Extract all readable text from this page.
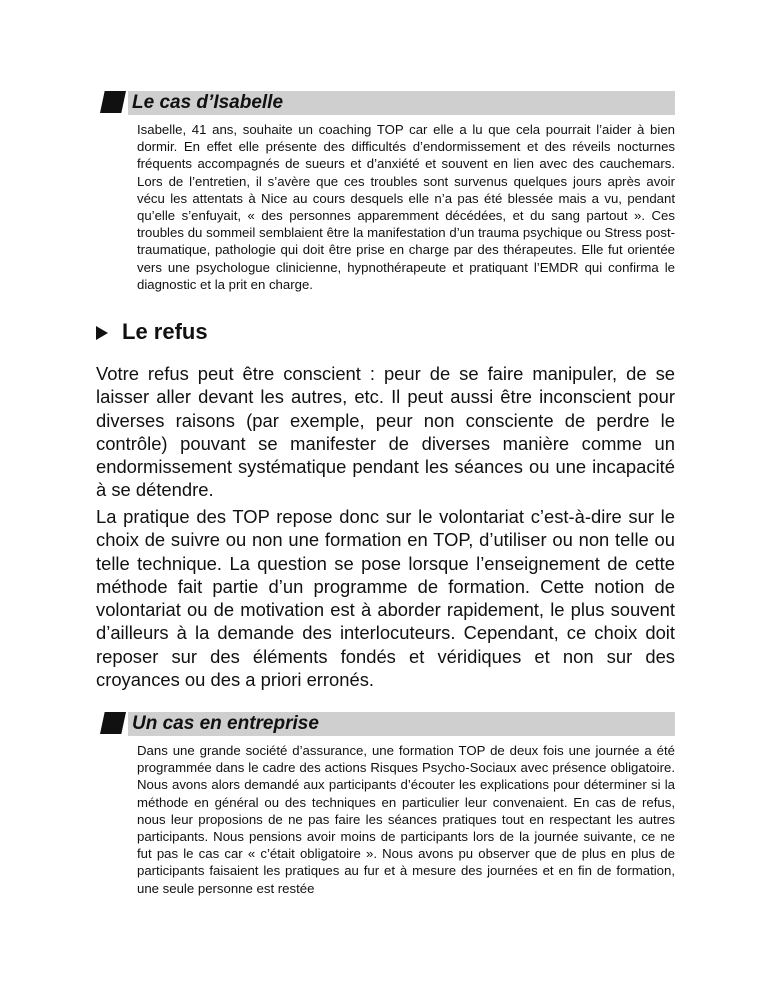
Le cas d’Isabelle
Isabelle, 41 ans, souhaite un coaching TOP car elle a lu que cela pourrait l’aider à bien dormir. En effet elle présente des difficultés d’endormissement et des réveils nocturnes fréquents accompagnés de sueurs et d’anxiété et souvent en lien avec des cauchemars. Lors de l’entretien, il s’avère que ces troubles sont survenus quelques jours après avoir vécu les attentats à Nice au cours desquels elle n’a pas été blessée mais a vu, pendant qu’elle s’enfuyait, « des personnes apparemment décédées, et du sang partout ». Ces troubles du sommeil semblaient être la manifestation d’un trauma psychique ou Stress post-traumatique, pathologie qui doit être prise en charge par des thérapeutes. Elle fut orientée vers une psychologue clinicienne, hypnothérapeute et pratiquant l’EMDR qui confirma le diagnostic et la prit en charge.
Le refus

Votre refus peut être conscient : peur de se faire manipuler, de se laisser aller devant les autres, etc. Il peut aussi être inconscient pour diverses raisons (par exemple, peur non consciente de perdre le contrôle) pouvant se manifester de diverses manière comme un endormissement systématique pendant les séances ou une incapacité à se détendre.

La pratique des TOP repose donc sur le volontariat c’est-à-dire sur le choix de suivre ou non une formation en TOP, d’utiliser ou non telle ou telle technique. La question se pose lorsque l’enseignement de cette méthode fait partie d’un programme de formation. Cette notion de volontariat ou de motivation est à aborder rapidement, le plus souvent d’ailleurs à la demande des interlocuteurs. Cependant, ce choix doit reposer sur des éléments fondés et véridiques et non sur des croyances ou des a priori erronés.

Un cas en entreprise
Dans une grande société d’assurance, une formation TOP de deux fois une journée a été programmée dans le cadre des actions Risques Psycho-Sociaux avec présence obligatoire. Nous avons alors demandé aux participants d’écouter les explications pour déterminer si la méthode en général ou des techniques en particulier leur convenaient. En cas de refus, nous leur proposions de ne pas faire les séances pratiques tout en respectant les autres participants. Nous pensions avoir moins de participants lors de la journée suivante, ce ne fut pas le cas car « c’était obligatoire ». Nous avons pu observer que de plus en plus de participants faisaient les pratiques au fur et à mesure des journées et en fin de formation, une seule personne est restée
